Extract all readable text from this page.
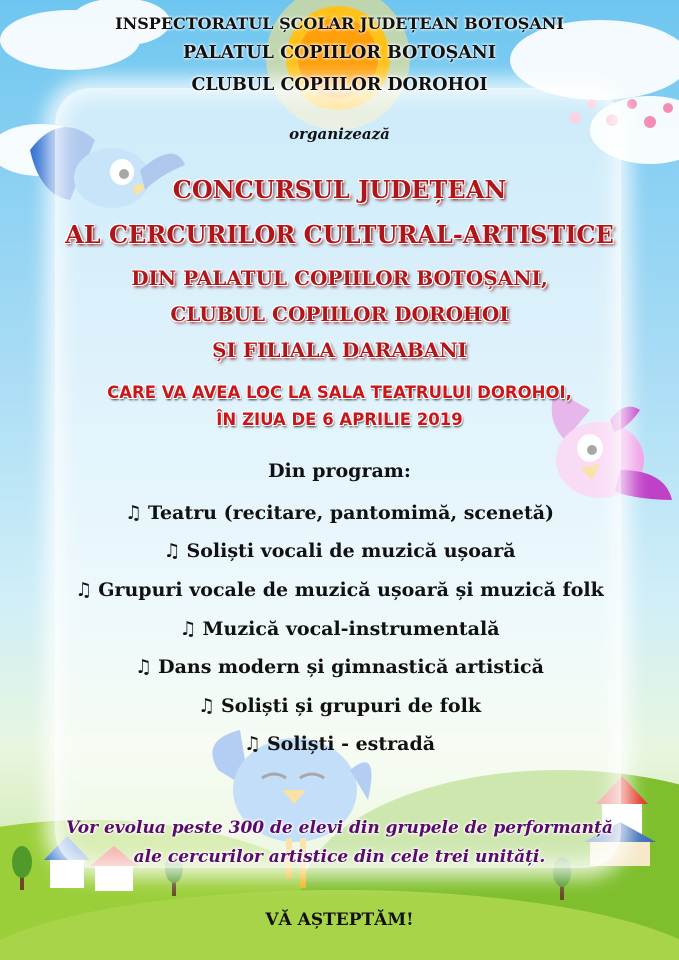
INSPECTORATUL ȘCOLAR JUDEȚEAN BOTOȘANI
PALATUL COPIILOR BOTOȘANI
CLUBUL COPIILOR DOROHOI
organizează
CONCURSUL JUDEȚEAN
AL CERCURILOR CULTURAL-ARTISTICE
DIN PALATUL COPIILOR BOTOȘANI,
CLUBUL COPIILOR DOROHOI
ȘI FILIALA DARABANI
CARE VA AVEA LOC LA SALA TEATRULUI DOROHOI,
ÎN ZIUA DE 6 APRILIE 2019
Din program:
♫ Teatru (recitare, pantomimă, scenetă)
♫ Soliști vocali de muzică ușoară
♫ Grupuri vocale de muzică ușoară și muzică folk
♫ Muzică vocal-instrumentală
♫ Dans modern și gimnastică artistică
♫ Soliști și grupuri de folk
♫ Soliști - estradă
Vor evolua peste 300 de elevi din grupele de performanță
ale cercurilor artistice din cele trei unități.
VĂ AȘTEPTĂM!
